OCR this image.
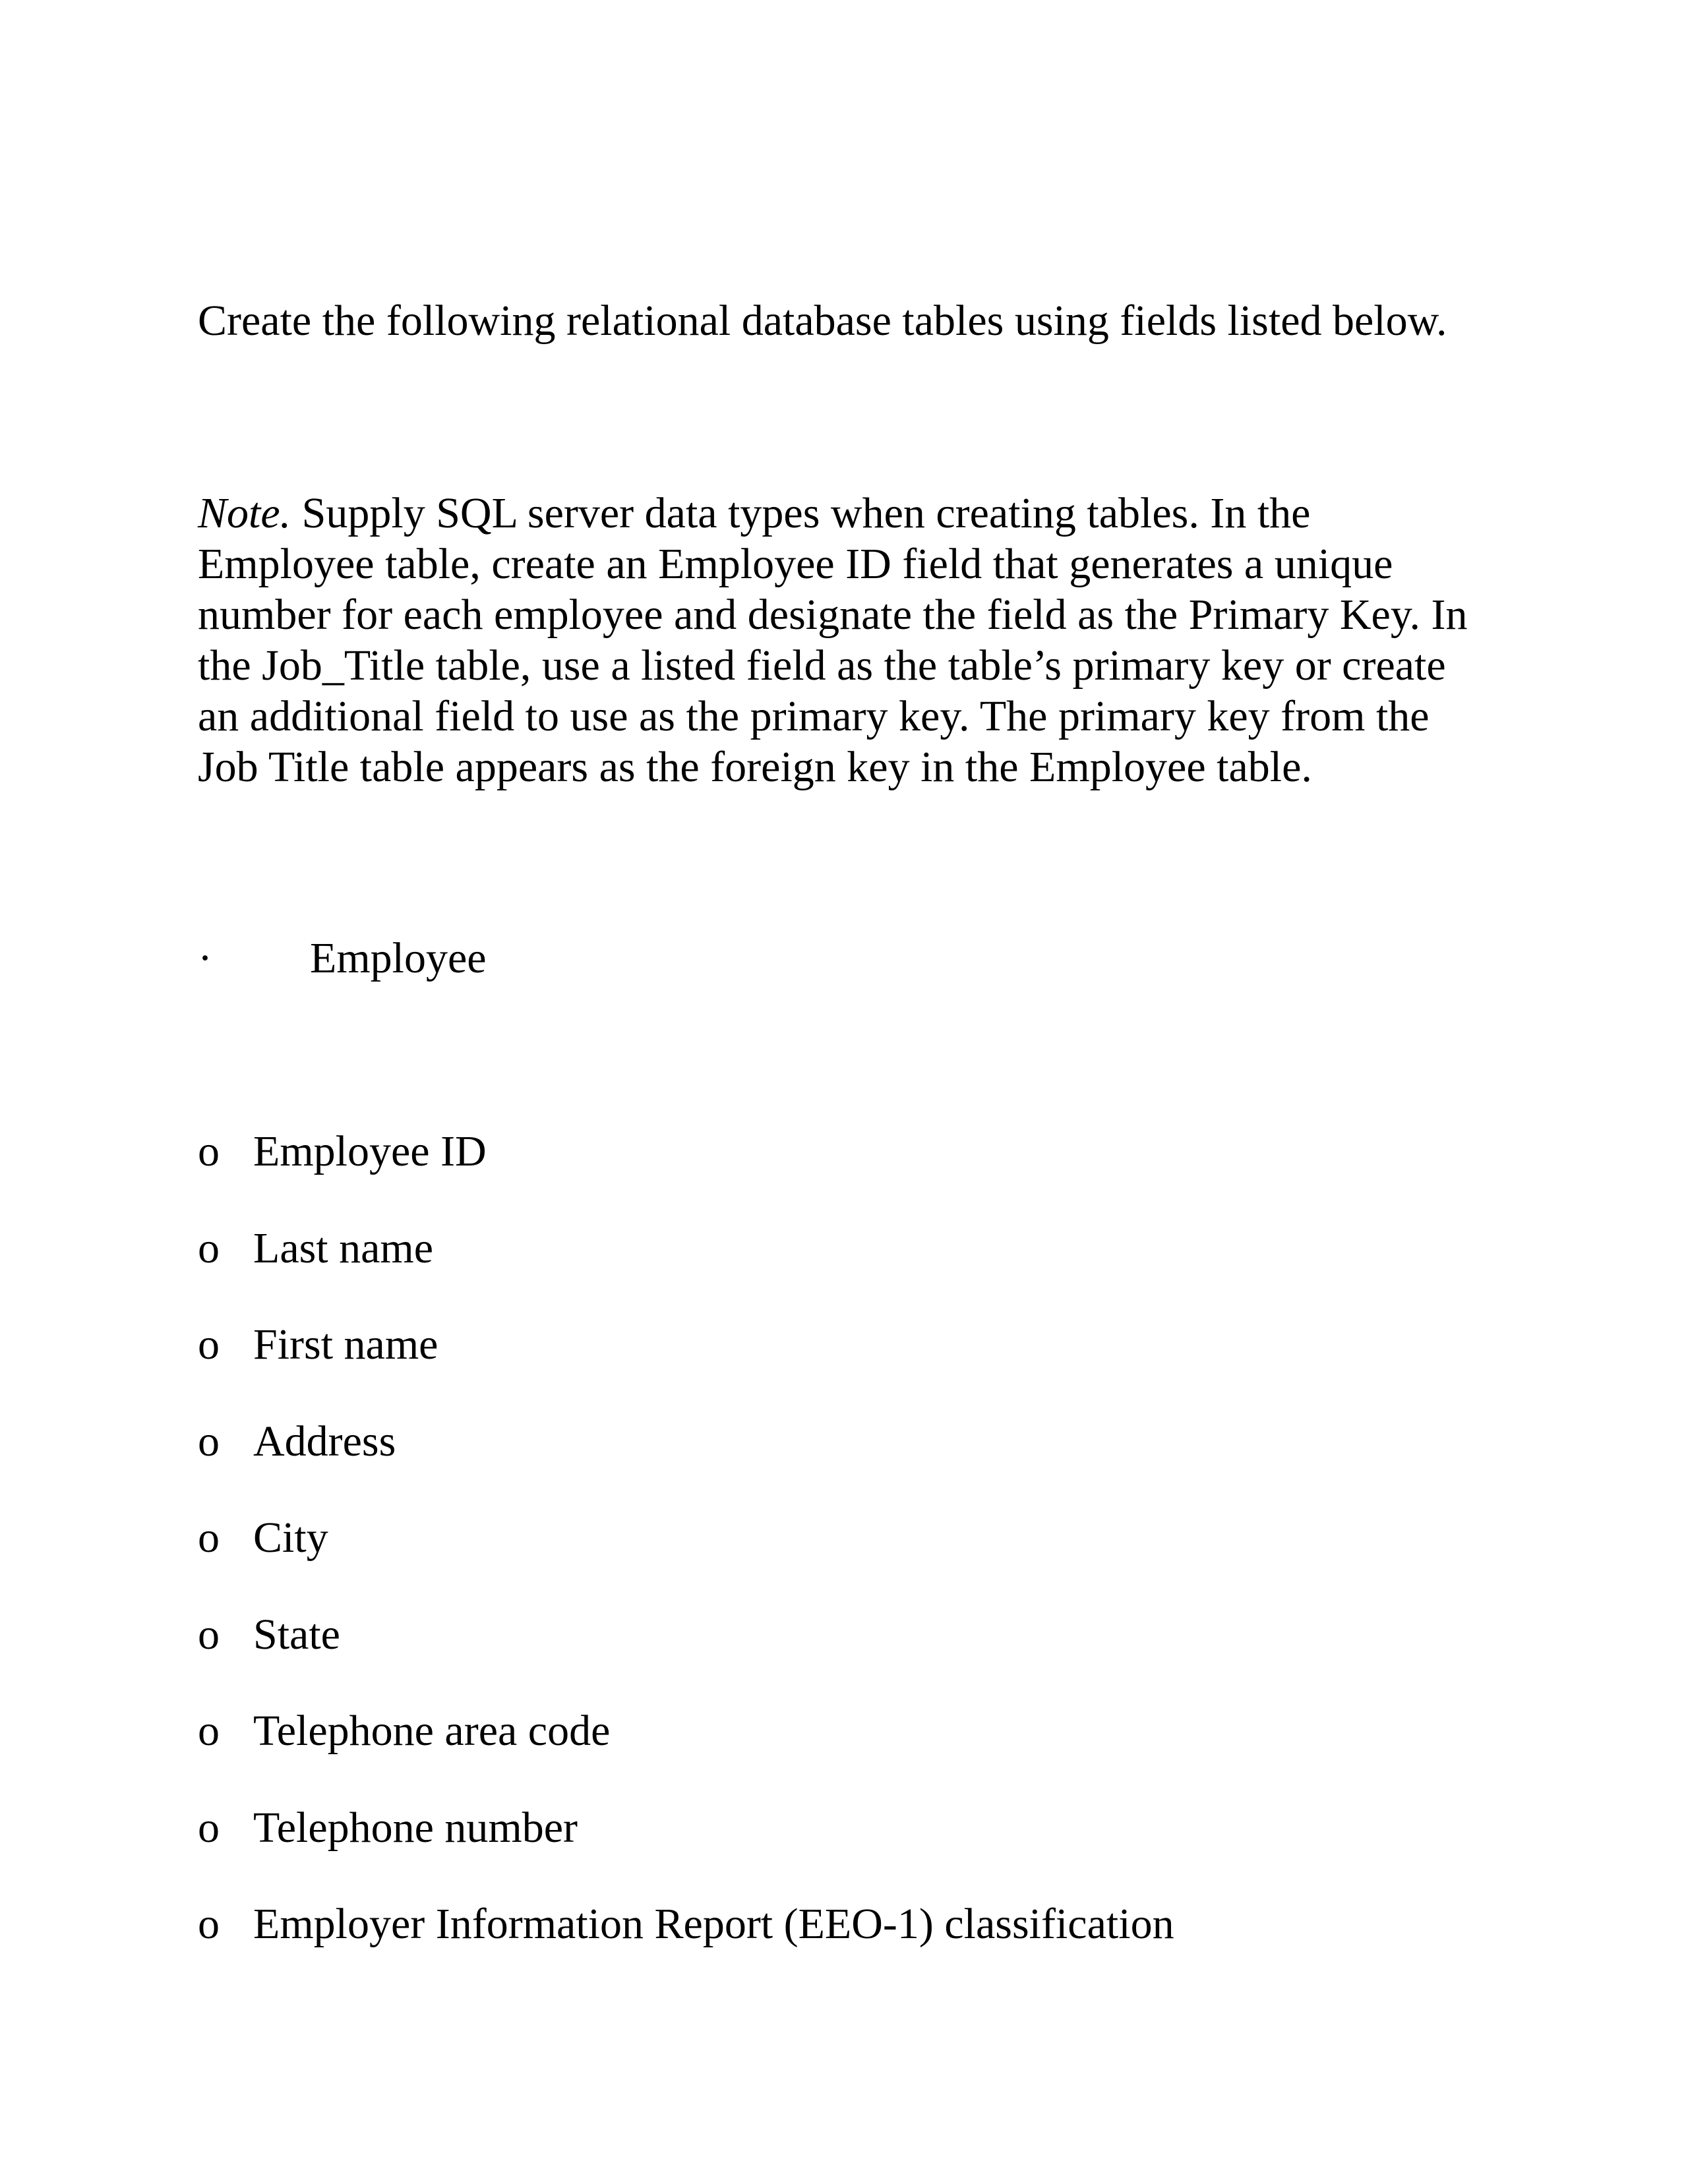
Create the following relational database tables using fields listed below.

Note. Supply SQL server data types when creating tables. In the
Employee table, create an Employee ID field that generates a unique
number for each employee and designate the field as the Primary Key. In
the Job_Title table, use a listed field as the table’s primary key or create
an additional field to use as the primary key. The primary key from the
Job Title table appears as the foreign key in the Employee table.

· Employee
o Employee ID
o Last name
o First name
o Address
o City
o State
o Telephone area code
o Telephone number
o Employer Information Report (EEO-1) classification
